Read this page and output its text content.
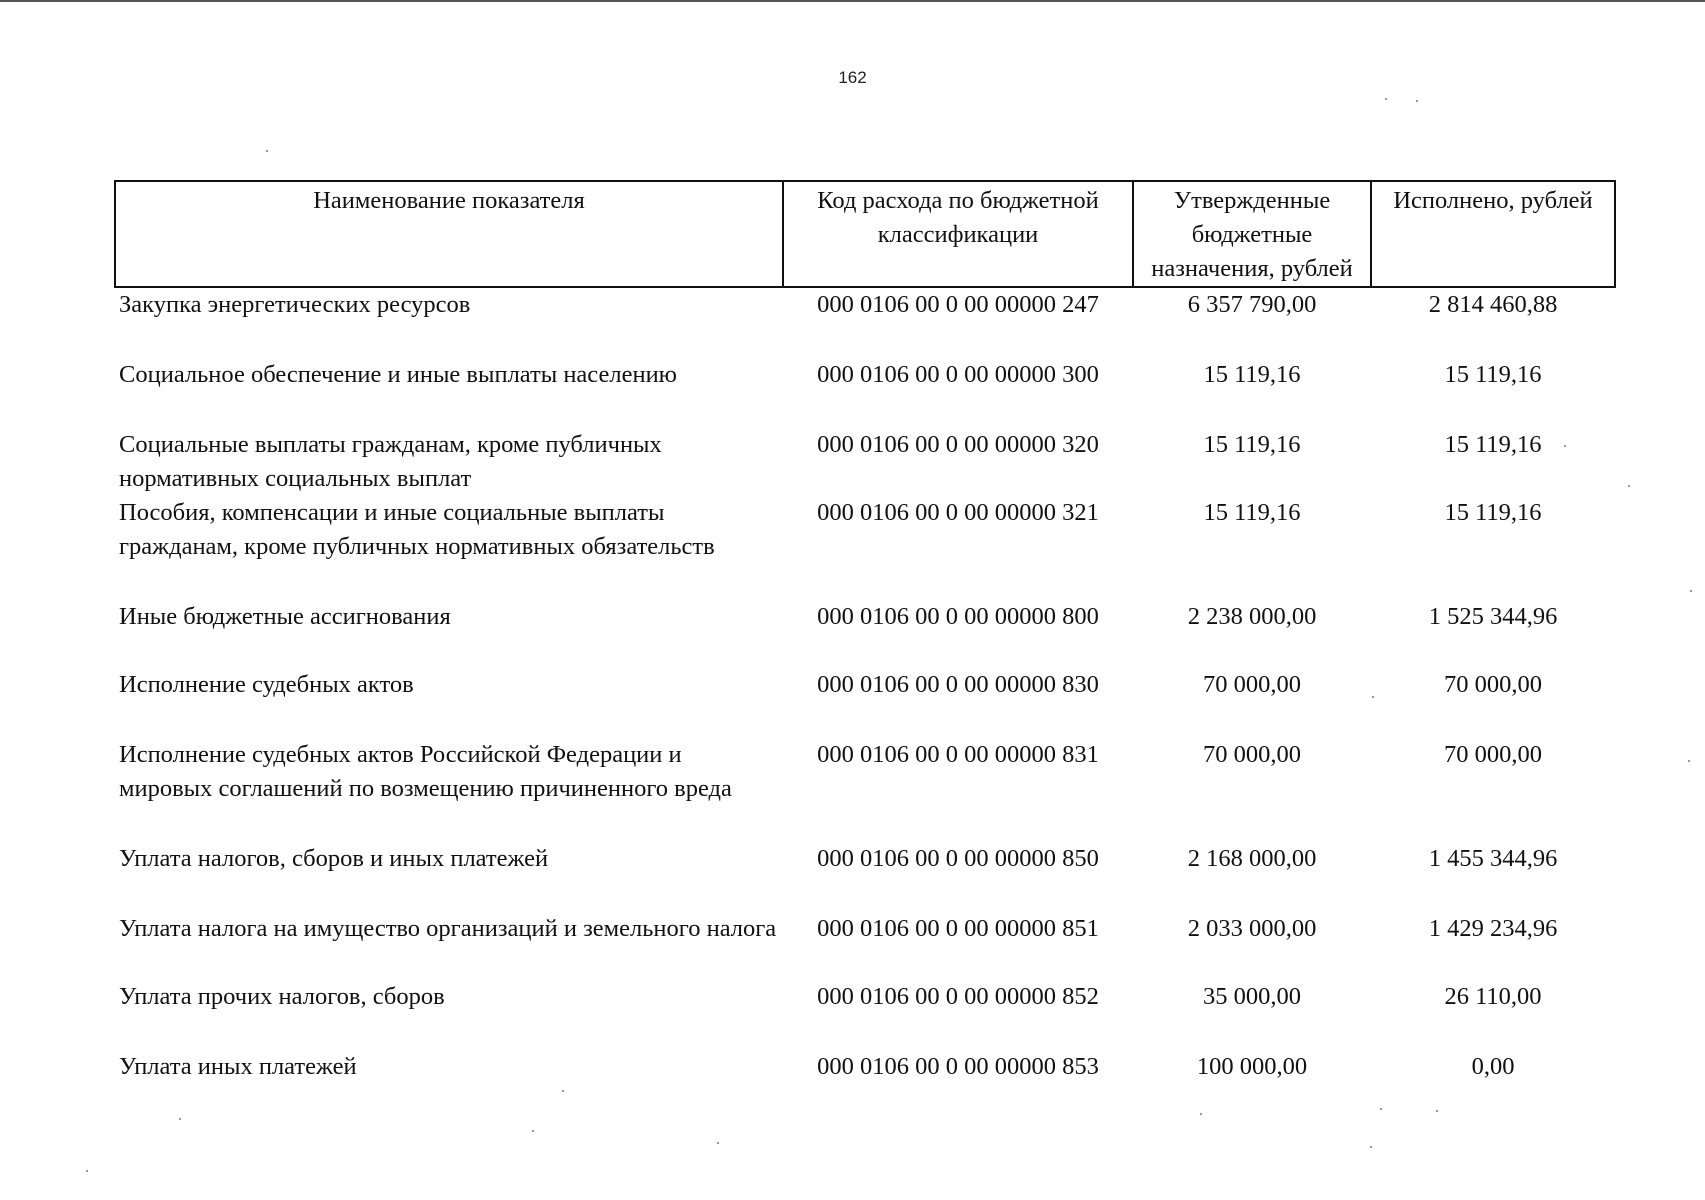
162
Наименование показателя	Код расхода по бюджетной классификации	Утвержденные бюджетные назначения, рублей	Исполнено, рублей
Закупка энергетических ресурсов	000 0106 00 0 00 00000 247	6 357 790,00	2 814 460,88
Социальное обеспечение и иные выплаты населению	000 0106 00 0 00 00000 300	15 119,16	15 119,16
Социальные выплаты гражданам, кроме публичных нормативных социальных выплат	000 0106 00 0 00 00000 320	15 119,16	15 119,16
Пособия, компенсации и иные социальные выплаты гражданам, кроме публичных нормативных обязательств	000 0106 00 0 00 00000 321	15 119,16	15 119,16
Иные бюджетные ассигнования	000 0106 00 0 00 00000 800	2 238 000,00	1 525 344,96
Исполнение судебных актов	000 0106 00 0 00 00000 830	70 000,00	70 000,00
Исполнение судебных актов Российской Федерации и мировых соглашений по возмещению причиненного вреда	000 0106 00 0 00 00000 831	70 000,00	70 000,00
Уплата налогов, сборов и иных платежей	000 0106 00 0 00 00000 850	2 168 000,00	1 455 344,96
Уплата налога на имущество организаций и земельного налога	000 0106 00 0 00 00000 851	2 033 000,00	1 429 234,96
Уплата прочих налогов, сборов	000 0106 00 0 00 00000 852	35 000,00	26 110,00
Уплата иных платежей	000 0106 00 0 00 00000 853	100 000,00	0,00
